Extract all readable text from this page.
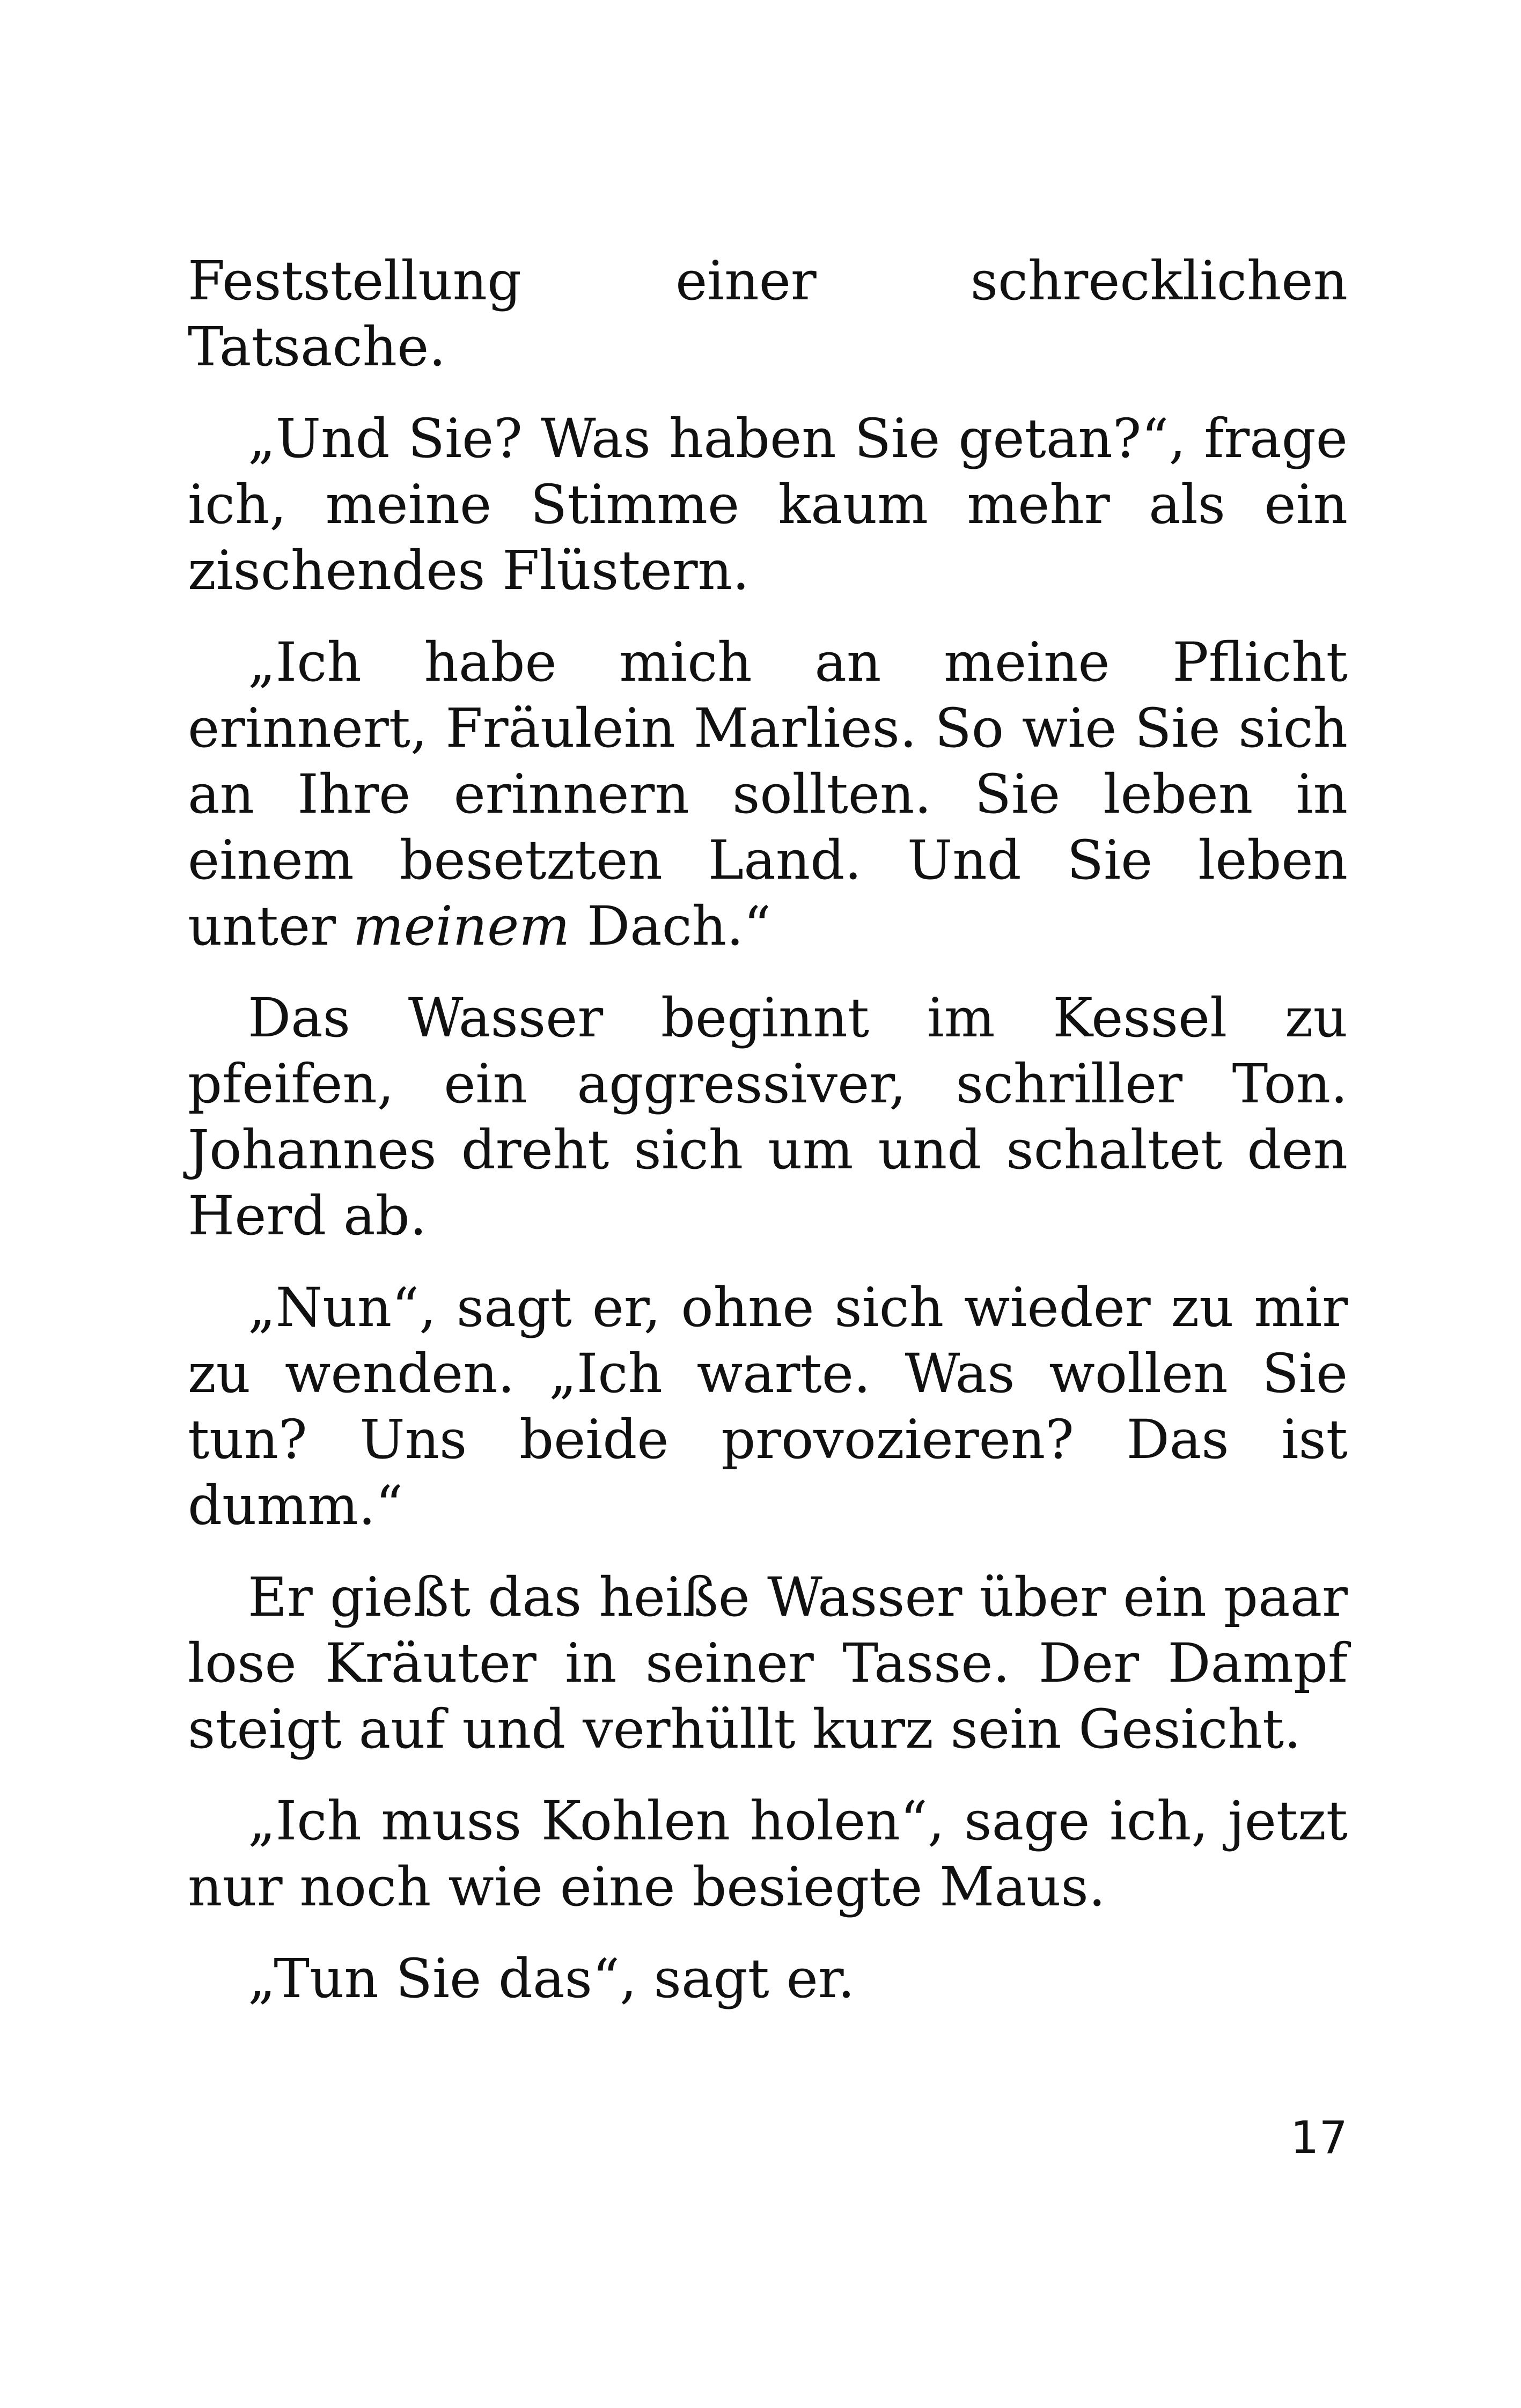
Feststellung einer schrecklichen Tatsache.

„Und Sie? Was haben Sie getan?“, frage ich, meine Stimme kaum mehr als ein zischendes Flüstern.

„Ich habe mich an meine Pflicht erinnert, Fräulein Marlies. So wie Sie sich an Ihre erinnern sollten. Sie leben in einem besetzten Land. Und Sie leben unter meinem Dach.“

Das Wasser beginnt im Kessel zu pfeifen, ein aggressiver, schriller Ton. Johannes dreht sich um und schaltet den Herd ab.

„Nun“, sagt er, ohne sich wieder zu mir zu wenden. „Ich warte. Was wollen Sie tun? Uns beide provozieren? Das ist dumm.“

Er gießt das heiße Wasser über ein paar lose Kräuter in seiner Tasse. Der Dampf steigt auf und verhüllt kurz sein Gesicht.

„Ich muss Kohlen holen“, sage ich, jetzt nur noch wie eine besiegte Maus.

„Tun Sie das“, sagt er.

17
